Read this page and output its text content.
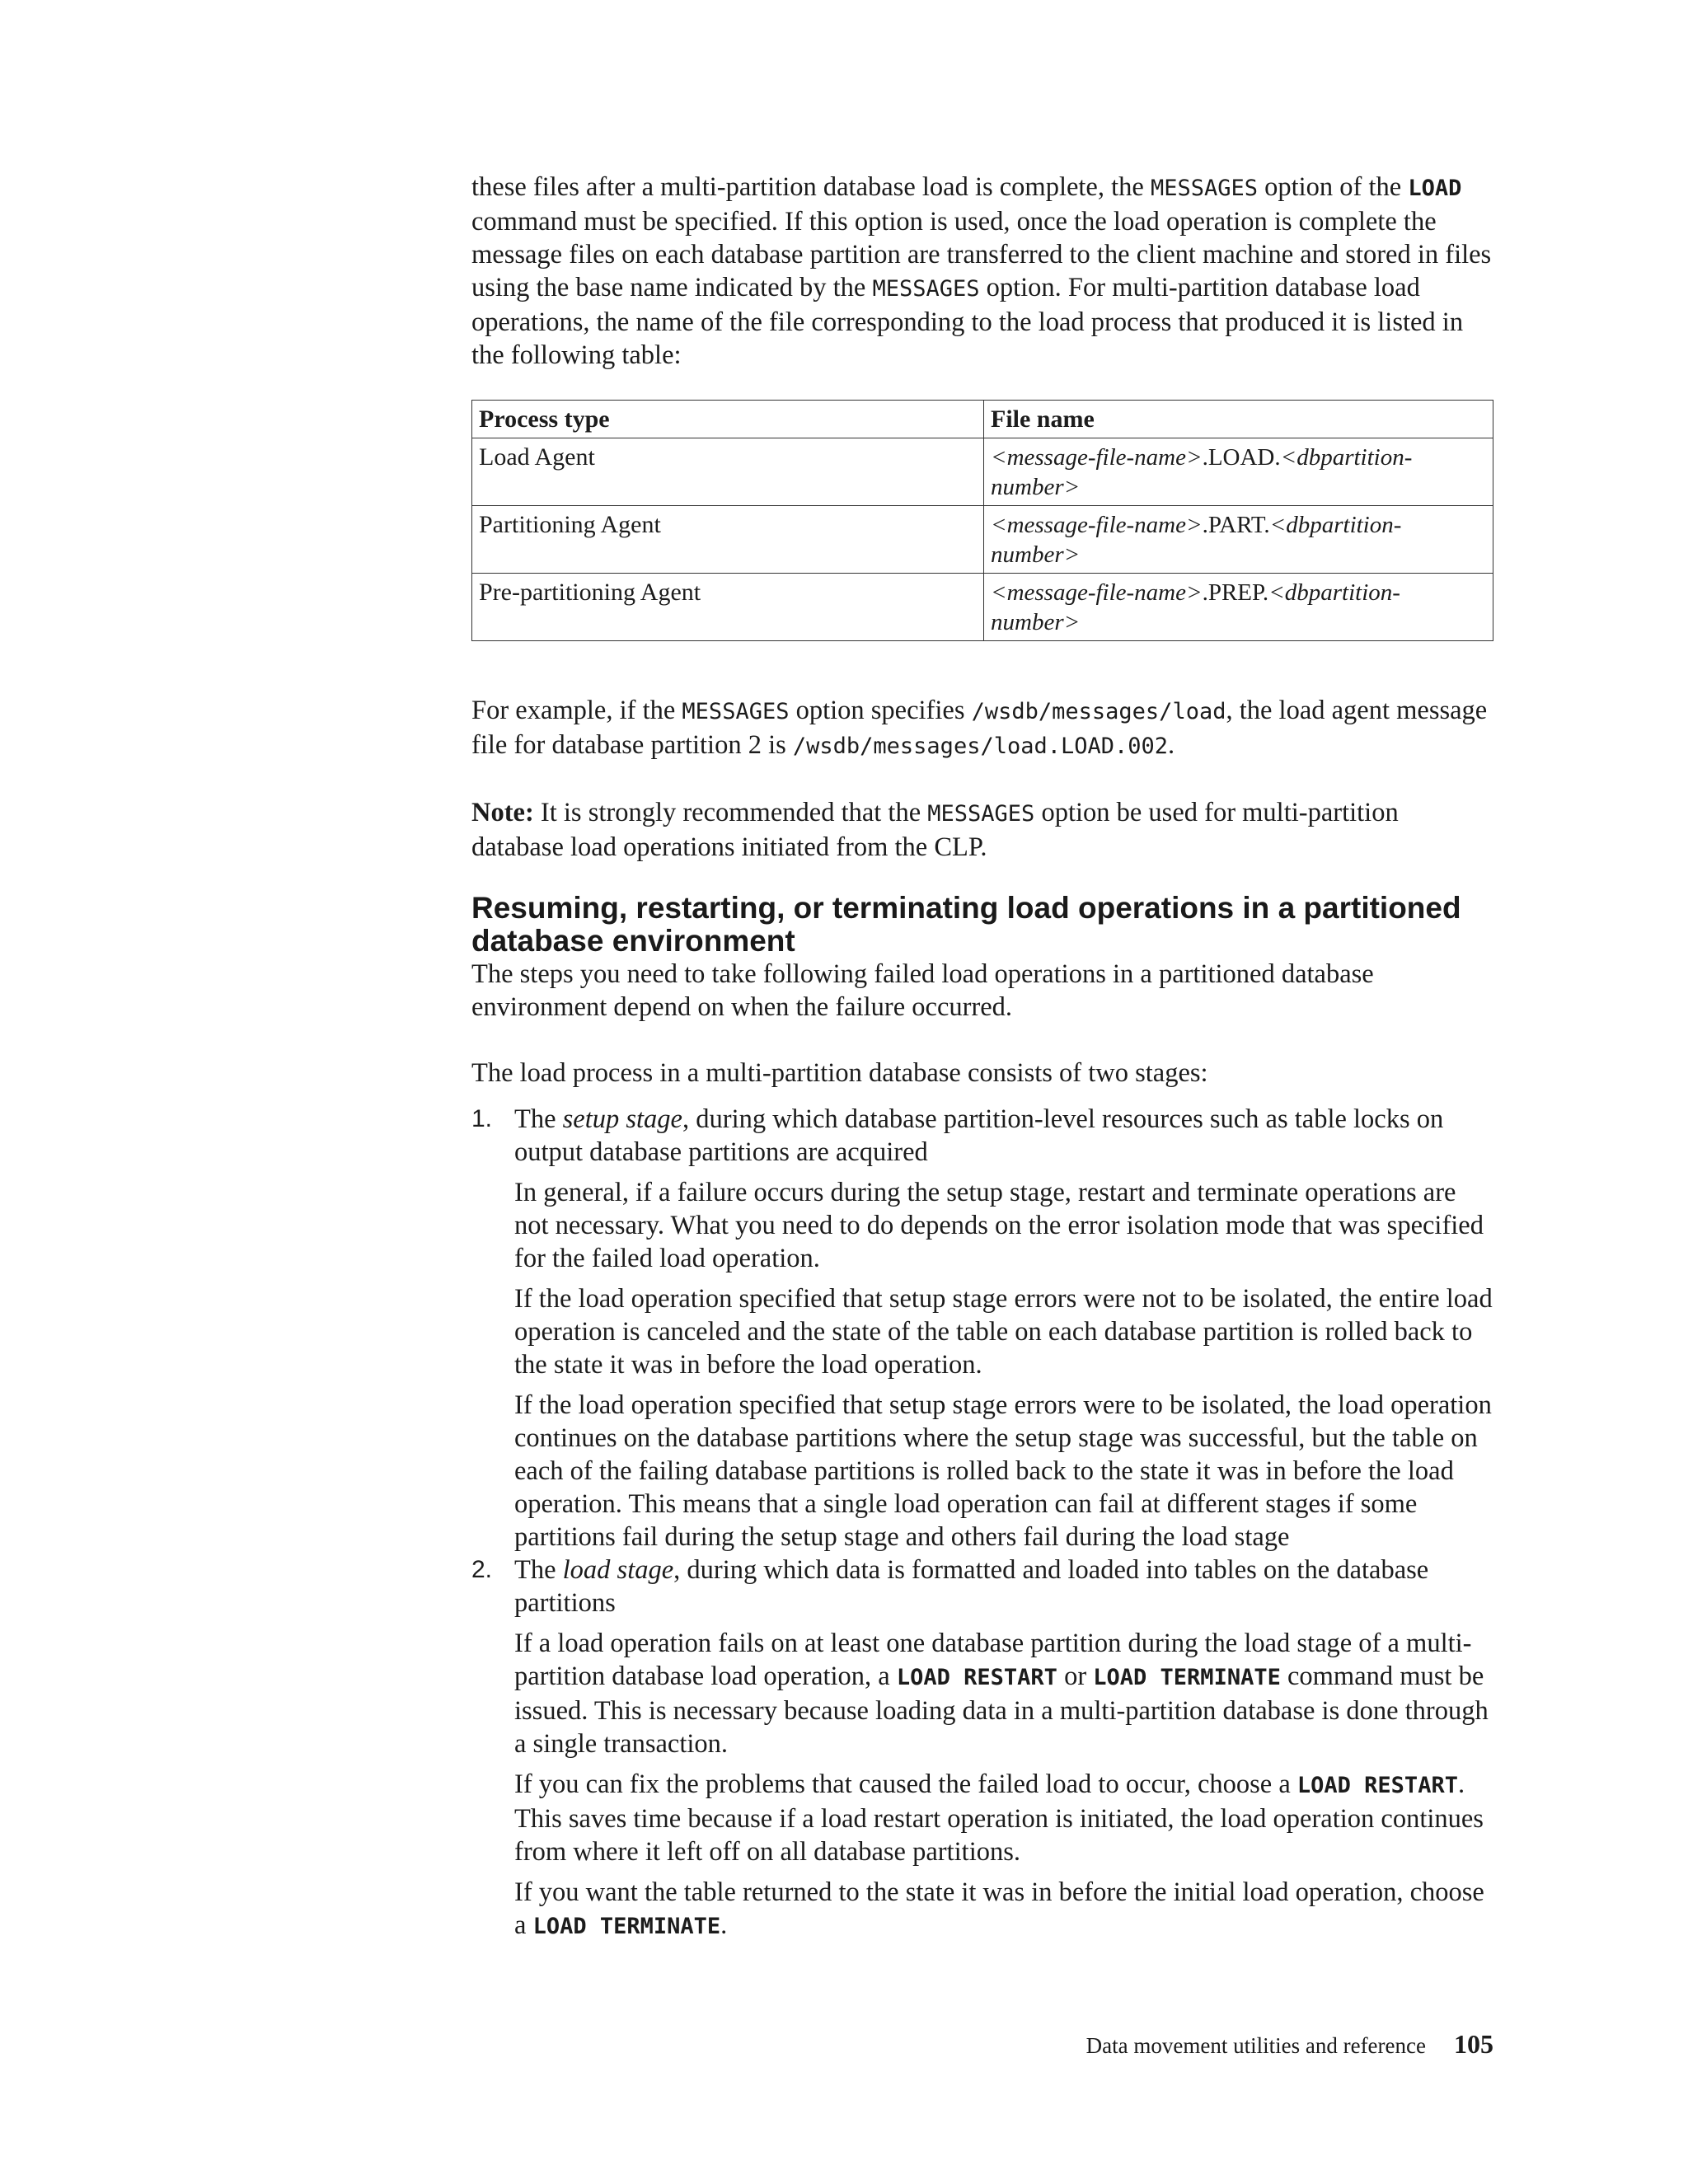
these files after a multi-partition database load is complete, the MESSAGES option of the LOAD command must be specified. If this option is used, once the load operation is complete the message files on each database partition are transferred to the client machine and stored in files using the base name indicated by the MESSAGES option. For multi-partition database load operations, the name of the file corresponding to the load process that produced it is listed in the following table:

Process type	File name
Load Agent	<message-file-name>.LOAD.<dbpartition-number>
Partitioning Agent	<message-file-name>.PART.<dbpartition-number>
Pre-partitioning Agent	<message-file-name>.PREP.<dbpartition-number>

For example, if the MESSAGES option specifies /wsdb/messages/load, the load agent message file for database partition 2 is /wsdb/messages/load.LOAD.002.

Note: It is strongly recommended that the MESSAGES option be used for multi-partition database load operations initiated from the CLP.

Resuming, restarting, or terminating load operations in a partitioned database environment

The steps you need to take following failed load operations in a partitioned database environment depend on when the failure occurred.

The load process in a multi-partition database consists of two stages:

1. The setup stage, during which database partition-level resources such as table locks on output database partitions are acquired

In general, if a failure occurs during the setup stage, restart and terminate operations are not necessary. What you need to do depends on the error isolation mode that was specified for the failed load operation.

If the load operation specified that setup stage errors were not to be isolated, the entire load operation is canceled and the state of the table on each database partition is rolled back to the state it was in before the load operation.

If the load operation specified that setup stage errors were to be isolated, the load operation continues on the database partitions where the setup stage was successful, but the table on each of the failing database partitions is rolled back to the state it was in before the load operation. This means that a single load operation can fail at different stages if some partitions fail during the setup stage and others fail during the load stage

2. The load stage, during which data is formatted and loaded into tables on the database partitions

If a load operation fails on at least one database partition during the load stage of a multi-partition database load operation, a LOAD RESTART or LOAD TERMINATE command must be issued. This is necessary because loading data in a multi-partition database is done through a single transaction.

If you can fix the problems that caused the failed load to occur, choose a LOAD RESTART. This saves time because if a load restart operation is initiated, the load operation continues from where it left off on all database partitions.

If you want the table returned to the state it was in before the initial load operation, choose a LOAD TERMINATE.

Data movement utilities and reference 105
